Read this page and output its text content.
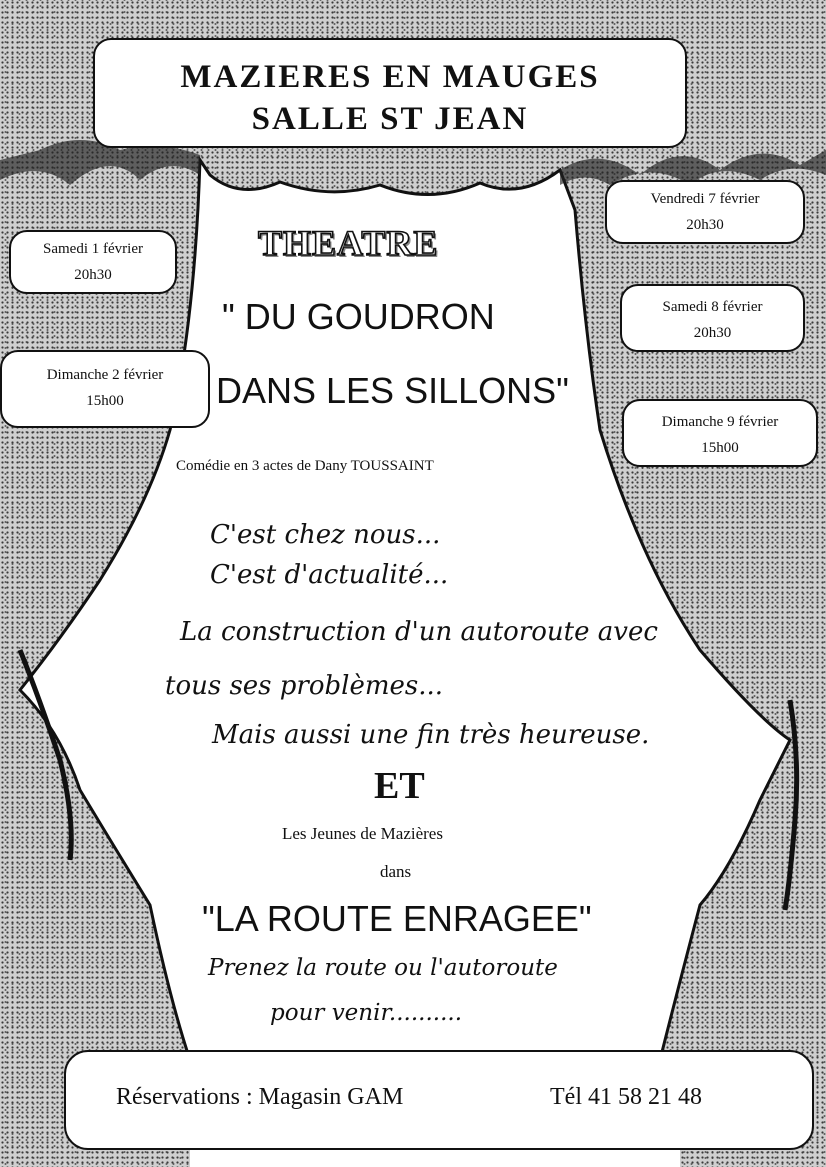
MAZIERES EN MAUGES
SALLE ST JEAN
Samedi 1 février
20h30
Dimanche 2 février
15h00
Vendredi 7 février
20h30
Samedi 8 février
20h30
Dimanche 9 février
15h00
THEATRE
" DU GOUDRON
DANS LES SILLONS"
Comédie en 3 actes de Dany TOUSSAINT
C'est chez nous...
C'est d'actualité...
La construction d'un autoroute avec
tous ses problèmes...
Mais aussi une fin très heureuse.
ET
Les Jeunes de Mazières
dans
"LA ROUTE ENRAGEE"
Prenez la route ou l'autoroute
pour venir..........
Réservations : Magasin GAM	Tél 41 58 21 48
